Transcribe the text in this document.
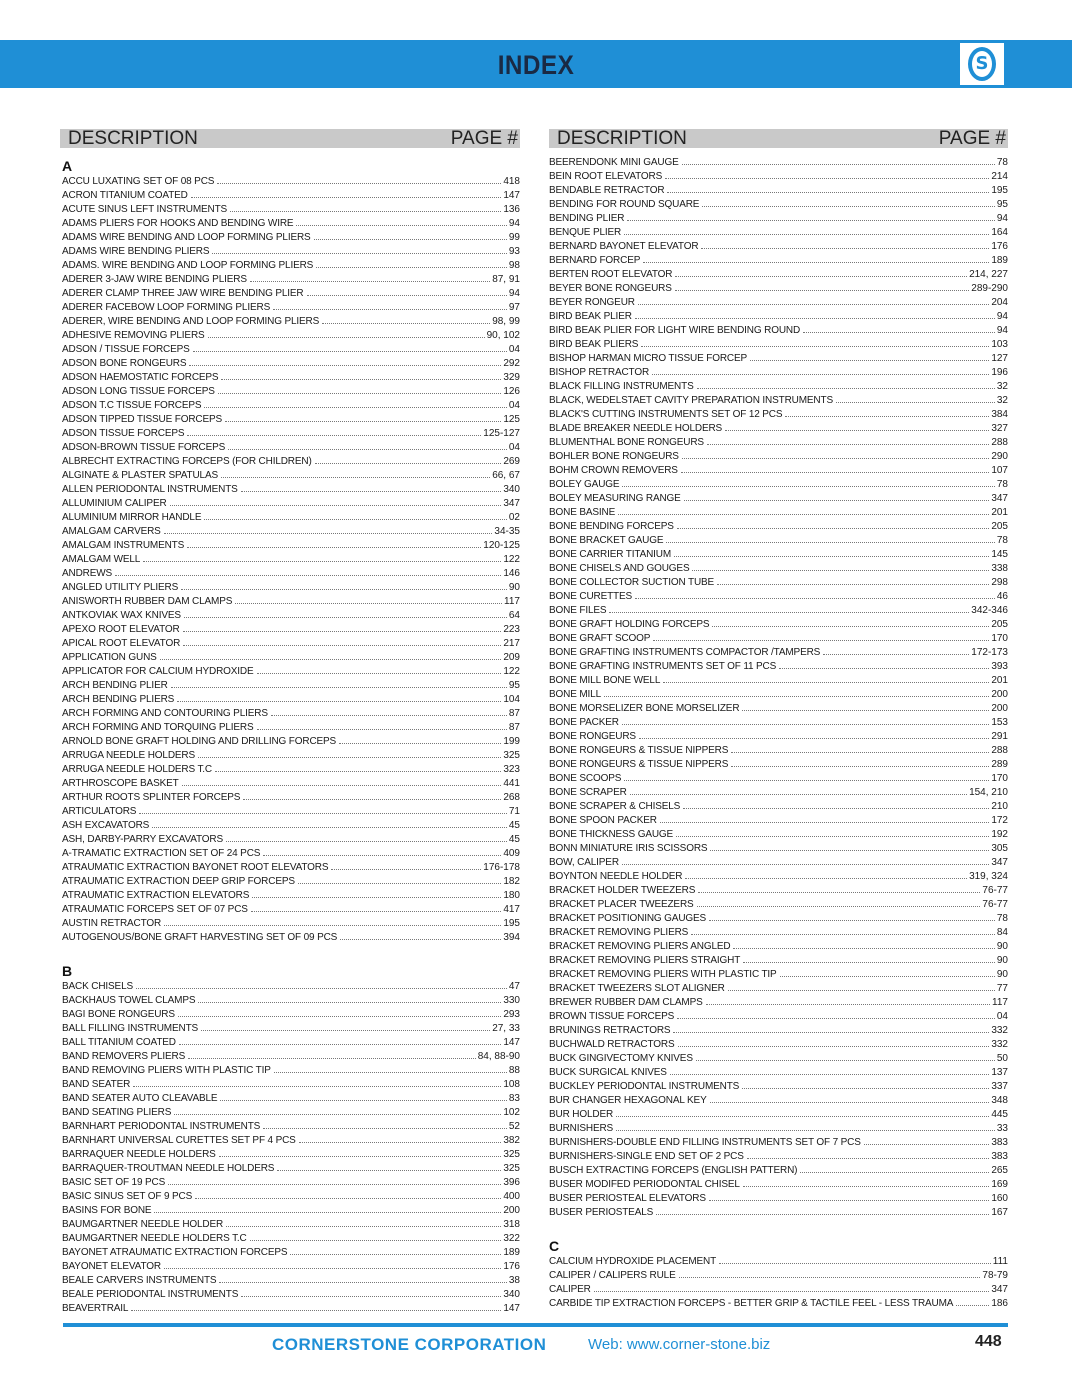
INDEX	S
DESCRIPTION	PAGE #
A
ACCU LUXATING SET OF 08 PCS	418
ACRON TITANIUM COATED	147
ACUTE SINUS LEFT INSTRUMENTS	136
ADAMS PLIERS FOR HOOKS AND BENDING WIRE	94
ADAMS WIRE BENDING AND LOOP FORMING PLIERS	99
ADAMS WIRE BENDING PLIERS	93
ADAMS. WIRE BENDING AND LOOP FORMING PLIERS	98
ADERER 3-JAW WIRE BENDING PLIERS	87, 91
ADERER CLAMP THREE JAW WIRE BENDING PLIER	94
ADERER FACEBOW LOOP FORMING PLIERS	97
ADERER, WIRE BENDING AND LOOP FORMING PLIERS	98, 99
ADHESIVE REMOVING PLIERS	90, 102
ADSON / TISSUE FORCEPS	04
ADSON BONE RONGEURS	292
ADSON HAEMOSTATIC FORCEPS	329
ADSON LONG TISSUE FORCEPS	126
ADSON T.C TISSUE FORCEPS	04
ADSON TIPPED TISSUE FORCEPS	125
ADSON TISSUE FORCEPS	125-127
ADSON-BROWN TISSUE FORCEPS	04
ALBRECHT EXTRACTING FORCEPS (FOR CHILDREN)	269
ALGINATE & PLASTER SPATULAS	66, 67
ALLEN PERIODONTAL INSTRUMENTS	340
ALLUMINIUM CALIPER	347
ALUMINIUM MIRROR HANDLE	02
AMALGAM CARVERS	34-35
AMALGAM INSTRUMENTS	120-125
AMALGAM WELL	122
ANDREWS	146
ANGLED UTILITY PLIERS	90
ANISWORTH RUBBER DAM CLAMPS	117
ANTKOVIAK WAX KNIVES	64
APEXO ROOT ELEVATOR	223
APICAL ROOT ELEVATOR	217
APPLICATION GUNS	209
APPLICATOR FOR CALCIUM HYDROXIDE	122
ARCH BENDING PLIER	95
ARCH BENDING PLIERS	104
ARCH FORMING AND CONTOURING PLIERS	87
ARCH FORMING AND TORQUING PLIERS	87
ARNOLD BONE GRAFT HOLDING AND DRILLING FORCEPS	199
ARRUGA NEEDLE HOLDERS	325
ARRUGA NEEDLE HOLDERS T.C	323
ARTHROSCOPE BASKET	441
ARTHUR ROOTS SPLINTER FORCEPS	268
ARTICULATORS	71
ASH EXCAVATORS	45
ASH, DARBY-PARRY EXCAVATORS	45
A-TRAMATIC EXTRACTION SET OF 24 PCS	409
ATRAUMATIC EXTRACTION BAYONET ROOT ELEVATORS	176-178
ATRAUMATIC EXTRACTION DEEP GRIP FORCEPS	182
ATRAUMATIC EXTRACTION ELEVATORS	180
ATRAUMATIC FORCEPS SET OF 07 PCS	417
AUSTIN RETRACTOR	195
AUTOGENOUS/BONE GRAFT HARVESTING SET OF 09 PCS	394
B
BACK CHISELS	47
BACKHAUS TOWEL CLAMPS	330
BAGI BONE RONGEURS	293
BALL FILLING INSTRUMENTS	27, 33
BALL TITANIUM COATED	147
BAND REMOVERS PLIERS	84, 88-90
BAND REMOVING PLIERS WITH PLASTIC TIP	88
BAND SEATER	108
BAND SEATER AUTO CLEAVABLE	83
BAND SEATING PLIERS	102
BARNHART PERIODONTAL INSTRUMENTS	52
BARNHART UNIVERSAL CURETTES SET PF 4 PCS	382
BARRAQUER NEEDLE HOLDERS	325
BARRAQUER-TROUTMAN NEEDLE HOLDERS	325
BASIC SET OF 19 PCS	396
BASIC SINUS SET OF 9 PCS	400
BASINS FOR BONE	200
BAUMGARTNER NEEDLE HOLDER	318
BAUMGARTNER NEEDLE HOLDERS T.C	322
BAYONET ATRAUMATIC EXTRACTION FORCEPS	189
BAYONET ELEVATOR	176
BEALE CARVERS INSTRUMENTS	38
BEALE PERIODONTAL INSTRUMENTS	340
BEAVERTRAIL	147
DESCRIPTION	PAGE #
BEERENDONK MINI GAUGE	78
BEIN ROOT ELEVATORS	214
BENDABLE RETRACTOR	195
BENDING FOR ROUND SQUARE	95
BENDING PLIER	94
BENQUE PLIER	164
BERNARD BAYONET ELEVATOR	176
BERNARD FORCEP	189
BERTEN ROOT ELEVATOR	214, 227
BEYER BONE RONGEURS	289-290
BEYER RONGEUR	204
BIRD BEAK PLIER	94
BIRD BEAK PLIER FOR LIGHT WIRE BENDING ROUND	94
BIRD BEAK PLIERS	103
BISHOP HARMAN MICRO TISSUE FORCEP	127
BISHOP RETRACTOR	196
BLACK FILLING INSTRUMENTS	32
BLACK, WEDELSTAET CAVITY PREPARATION INSTRUMENTS	32
BLACK'S CUTTING INSTRUMENTS SET OF 12 PCS	384
BLADE BREAKER NEEDLE HOLDERS	327
BLUMENTHAL BONE RONGEURS	288
BOHLER BONE RONGEURS	290
BOHM CROWN REMOVERS	107
BOLEY GAUGE	78
BOLEY MEASURING RANGE	347
BONE BASINE	201
BONE BENDING FORCEPS	205
BONE BRACKET GAUGE	78
BONE CARRIER TITANIUM	145
BONE CHISELS AND GOUGES	338
BONE COLLECTOR SUCTION TUBE	298
BONE CURETTES	46
BONE FILES	342-346
BONE GRAFT HOLDING FORCEPS	205
BONE GRAFT SCOOP	170
BONE GRAFTING INSTRUMENTS COMPACTOR /TAMPERS	172-173
BONE GRAFTING INSTRUMENTS SET OF 11 PCS	393
BONE MILL BONE WELL	201
BONE MILL	200
BONE MORSELIZER BONE MORSELIZER	200
BONE PACKER	153
BONE RONGEURS	291
BONE RONGEURS & TISSUE NIPPERS	288
BONE RONGEURS & TISSUE NIPPERS	289
BONE SCOOPS	170
BONE SCRAPER	154, 210
BONE SCRAPER & CHISELS	210
BONE SPOON PACKER	172
BONE THICKNESS GAUGE	192
BONN MINIATURE IRIS SCISSORS	305
BOW, CALIPER	347
BOYNTON NEEDLE HOLDER	319, 324
BRACKET HOLDER TWEEZERS	76-77
BRACKET PLACER TWEEZERS	76-77
BRACKET POSITIONING GAUGES	78
BRACKET REMOVING PLIERS	84
BRACKET REMOVING PLIERS ANGLED	90
BRACKET REMOVING PLIERS STRAIGHT	90
BRACKET REMOVING PLIERS WITH PLASTIC TIP	90
BRACKET TWEEZERS SLOT ALIGNER	77
BREWER RUBBER DAM CLAMPS	117
BROWN TISSUE FORCEPS	04
BRUNINGS RETRACTORS	332
BUCHWALD RETRACTORS	332
BUCK GINGIVECTOMY KNIVES	50
BUCK SURGICAL KNIVES	137
BUCKLEY PERIODONTAL INSTRUMENTS	337
BUR CHANGER HEXAGONAL KEY	348
BUR HOLDER	445
BURNISHERS	33
BURNISHERS-DOUBLE END FILLING INSTRUMENTS SET OF 7 PCS	383
BURNISHERS-SINGLE END SET OF 2 PCS	383
BUSCH EXTRACTING FORCEPS (ENGLISH PATTERN)	265
BUSER MODIFED PERIODONTAL CHISEL	169
BUSER PERIOSTEAL ELEVATORS	160
BUSER PERIOSTEALS	167
C
CALCIUM HYDROXIDE PLACEMENT	111
CALIPER / CALIPERS RULE	78-79
CALIPER	347
CARBIDE TIP EXTRACTION FORCEPS - BETTER GRIP & TACTILE FEEL - LESS TRAUMA	186
CORNERSTONE CORPORATION	Web: www.corner-stone.biz	448
